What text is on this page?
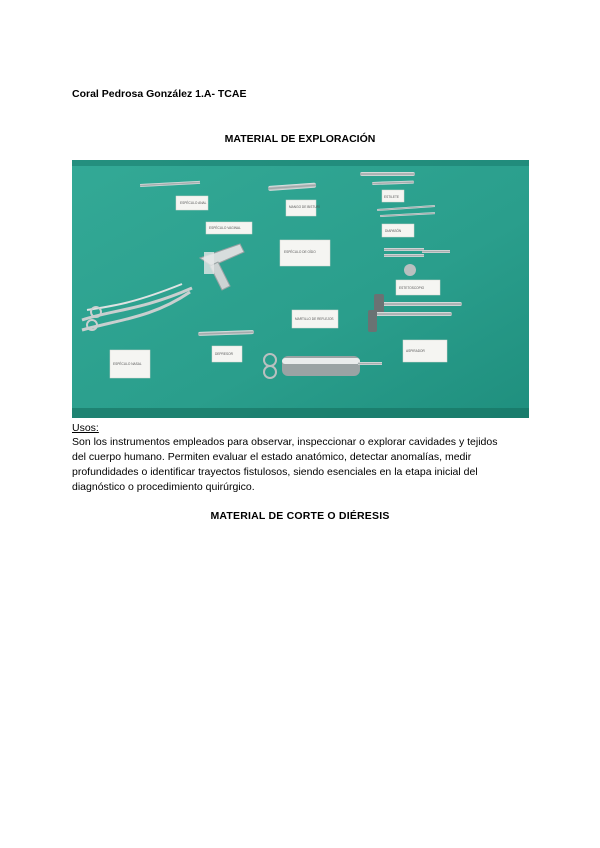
Coral Pedrosa González 1.A- TCAE
MATERIAL DE EXPLORACIÓN
ESPÉCULO ANAL
MANGO DE BISTURÍ
ESPÉCULO VAGINAL
ESPÉCULO DE OÍDO
DIAPASÓN
ESTILETE
ESTETOSCOPIO
MARTILLO DE REFLEJOS
ASPIRADOR
ESPÉCULO NASAL
DEPRESOR
Usos:
Son los instrumentos empleados para observar, inspeccionar o explorar cavidades y tejidos
del cuerpo humano. Permiten evaluar el estado anatómico, detectar anomalías, medir
profundidades o identificar trayectos fistulosos, siendo esenciales en la etapa inicial del
diagnóstico o procedimiento quirúrgico.
MATERIAL DE CORTE O DIÉRESIS
